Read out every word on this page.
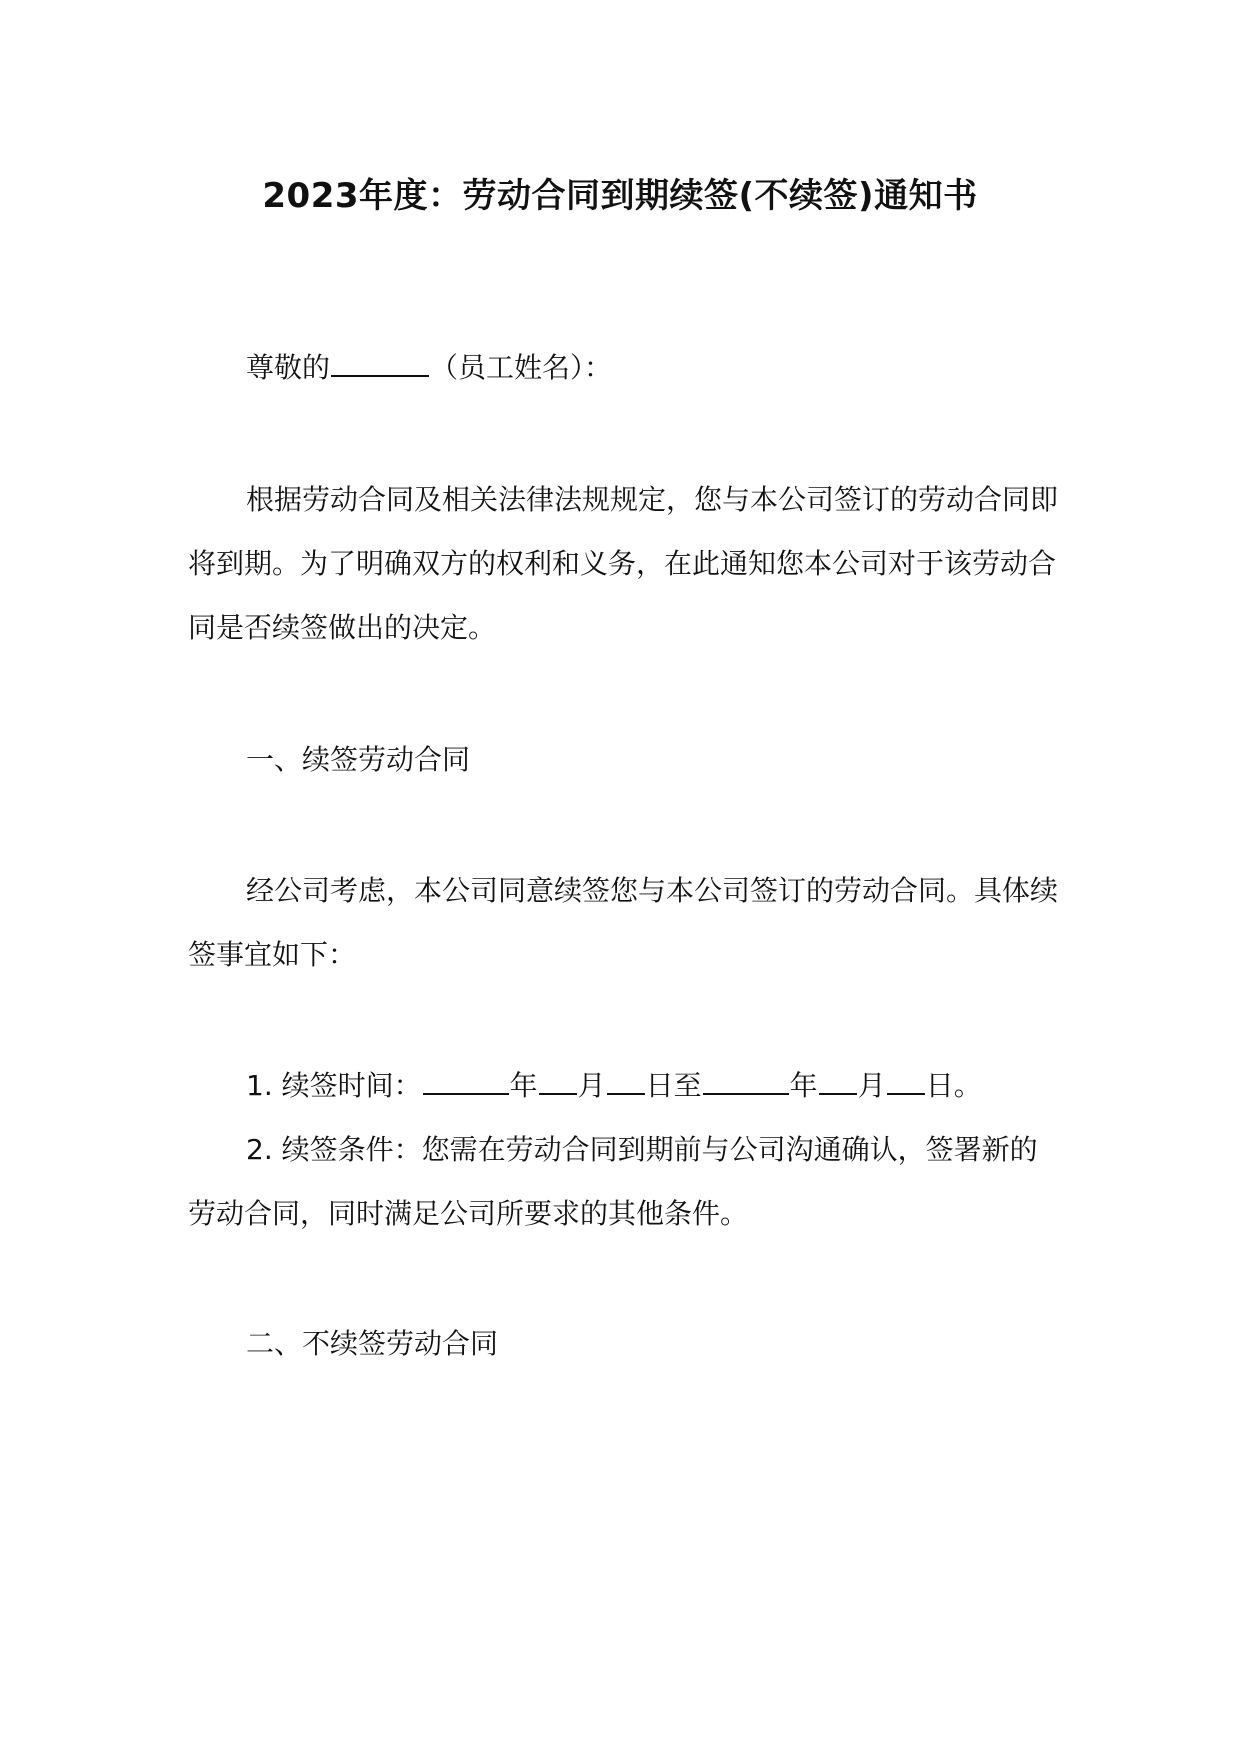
2023年度：劳动合同到期续签(不续签)通知书

尊敬的	（员工姓名）：

根据劳动合同及相关法律法规规定，您与本公司签订的劳动合同即将到期。为了明确双方的权利和义务，在此通知您本公司对于该劳动合同是否续签做出的决定。

一、续签劳动合同

经公司考虑，本公司同意续签您与本公司签订的劳动合同。具体续签事宜如下：

1. 续签时间：	年 月 日至	年 月 日。

2. 续签条件：您需在劳动合同到期前与公司沟通确认，签署新的劳动合同，同时满足公司所要求的其他条件。

二、不续签劳动合同
